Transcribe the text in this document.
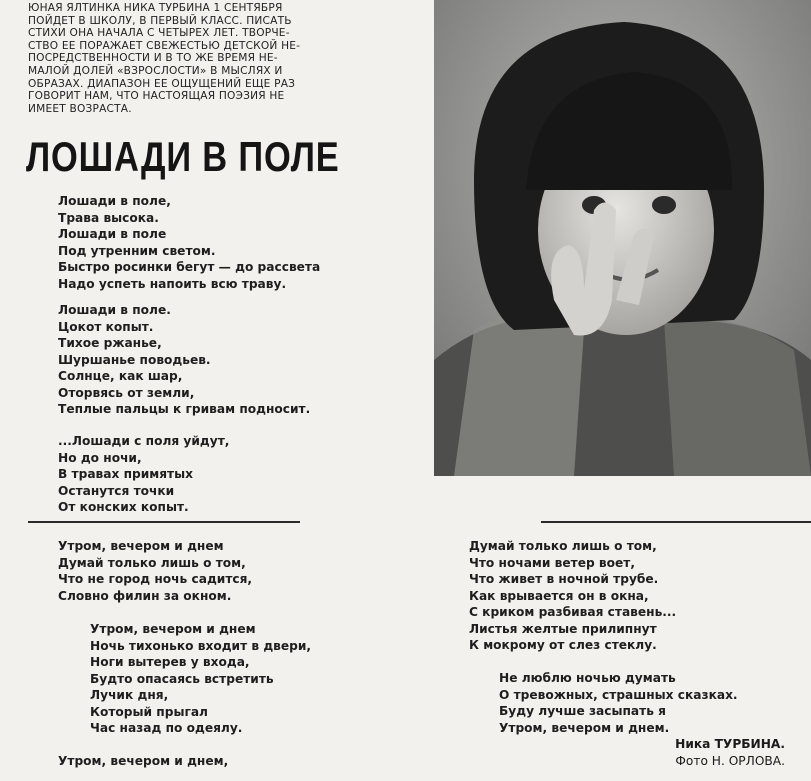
ЮНАЯ ЯЛТИНКА НИКА ТУРБИНА 1 СЕНТЯБРЯ
ПОЙДЕТ В ШКОЛУ, В ПЕРВЫЙ КЛАСС. ПИСАТЬ
СТИХИ ОНА НАЧАЛА С ЧЕТЫРЕХ ЛЕТ. ТВОРЧЕ-
СТВО ЕЕ ПОРАЖАЕТ СВЕЖЕСТЬЮ ДЕТСКОЙ НЕ-
ПОСРЕДСТВЕННОСТИ И В ТО ЖЕ ВРЕМЯ НЕ-
МАЛОЙ ДОЛЕЙ «ВЗРОСЛОСТИ» В МЫСЛЯХ И
ОБРАЗАХ. ДИАПАЗОН ЕЕ ОЩУЩЕНИЙ ЕЩЕ РАЗ
ГОВОРИТ НАМ, ЧТО НАСТОЯЩАЯ ПОЭЗИЯ НЕ
ИМЕЕТ ВОЗРАСТА.
ЛОШАДИ В ПОЛЕ
Лошади в поле,
Трава высока.
Лошади в поле
Под утренним светом.
Быстро росинки бегут — до рассвета
Надо успеть напоить всю траву.
Лошади в поле.
Цокот копыт.
Тихое ржанье,
Шуршанье поводьев.
Солнце, как шар,
Оторвясь от земли,
Теплые пальцы к гривам подносит.
...Лошади с поля уйдут,
Но до ночи,
В травах примятых
Останутся точки
От конских копыт.
Утром, вечером и днем
Думай только лишь о том,
Что не город ночь садится,
Словно филин за окном.
Утром, вечером и днем
Ночь тихонько входит в двери,
Ноги вытерев у входа,
Будто опасаясь встретить
Лучик дня,
Который прыгал
Час назад по одеялу.
Утром, вечером и днем,
Думай только лишь о том,
Что ночами ветер воет,
Что живет в ночной трубе.
Как врывается он в окна,
С криком разбивая ставень...
Листья желтые прилипнут
К мокрому от слез стеклу.
Не люблю ночью думать
О тревожных, страшных сказках.
Буду лучше засыпать я
Утром, вечером и днем.
Ника ТУРБИНА.
Фото Н. ОРЛОВА.
